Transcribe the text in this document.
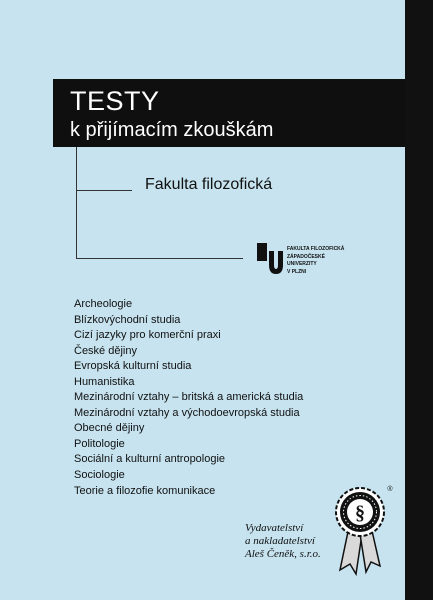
TESTY
k přijímacím zkouškám
Fakulta filozofická
FAKULTA FILOZOFICKÁ
ZÁPADOČESKÉ
UNIVERZITY
V PLZNI
Archeologie
Blízkovýchodní studia
Cizí jazyky pro komerční praxi
České dějiny
Evropská kulturní studia
Humanistika
Mezinárodní vztahy – britská a americká studia
Mezinárodní vztahy a východoevropská studia
Obecné dějiny
Politologie
Sociální a kulturní antropologie
Sociologie
Teorie a filozofie komunikace
§
®
Vydavatelství
a nakladatelství
Aleš Čeněk, s.r.o.
